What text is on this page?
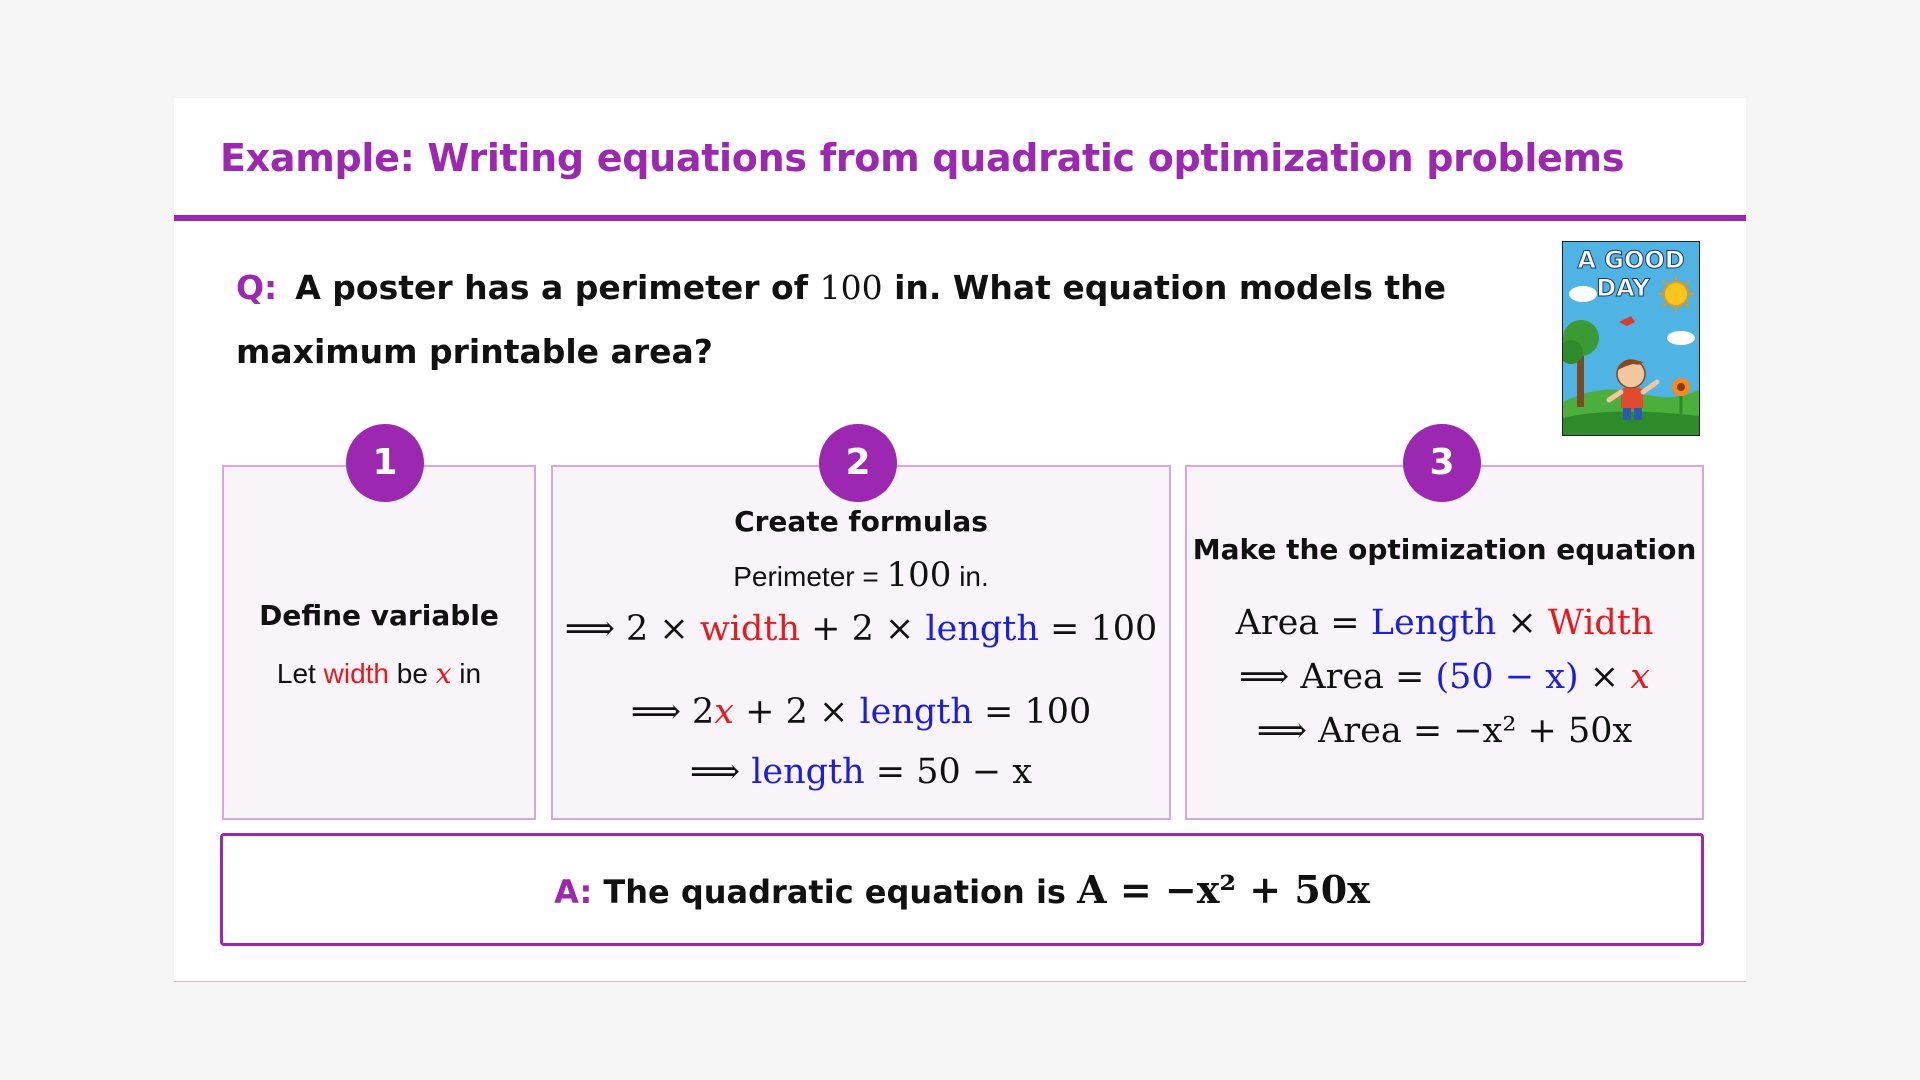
Example: Writing equations from quadratic optimization problems
Q: A poster has a perimeter of 100 in. What equation models the maximum printable area?
A GOOD
DAY
Define variable
Let width be x in
1
Create formulas
Perimeter = 100 in.
⟹ 2 × width + 2 × length = 100
⟹ 2x + 2 × length = 100
⟹ length = 50 − x
2
Make the optimization equation
Area = Length × Width
⟹ Area = (50 − x) × x
⟹ Area = −x² + 50x
3
A: The quadratic equation is A = −x² + 50x
